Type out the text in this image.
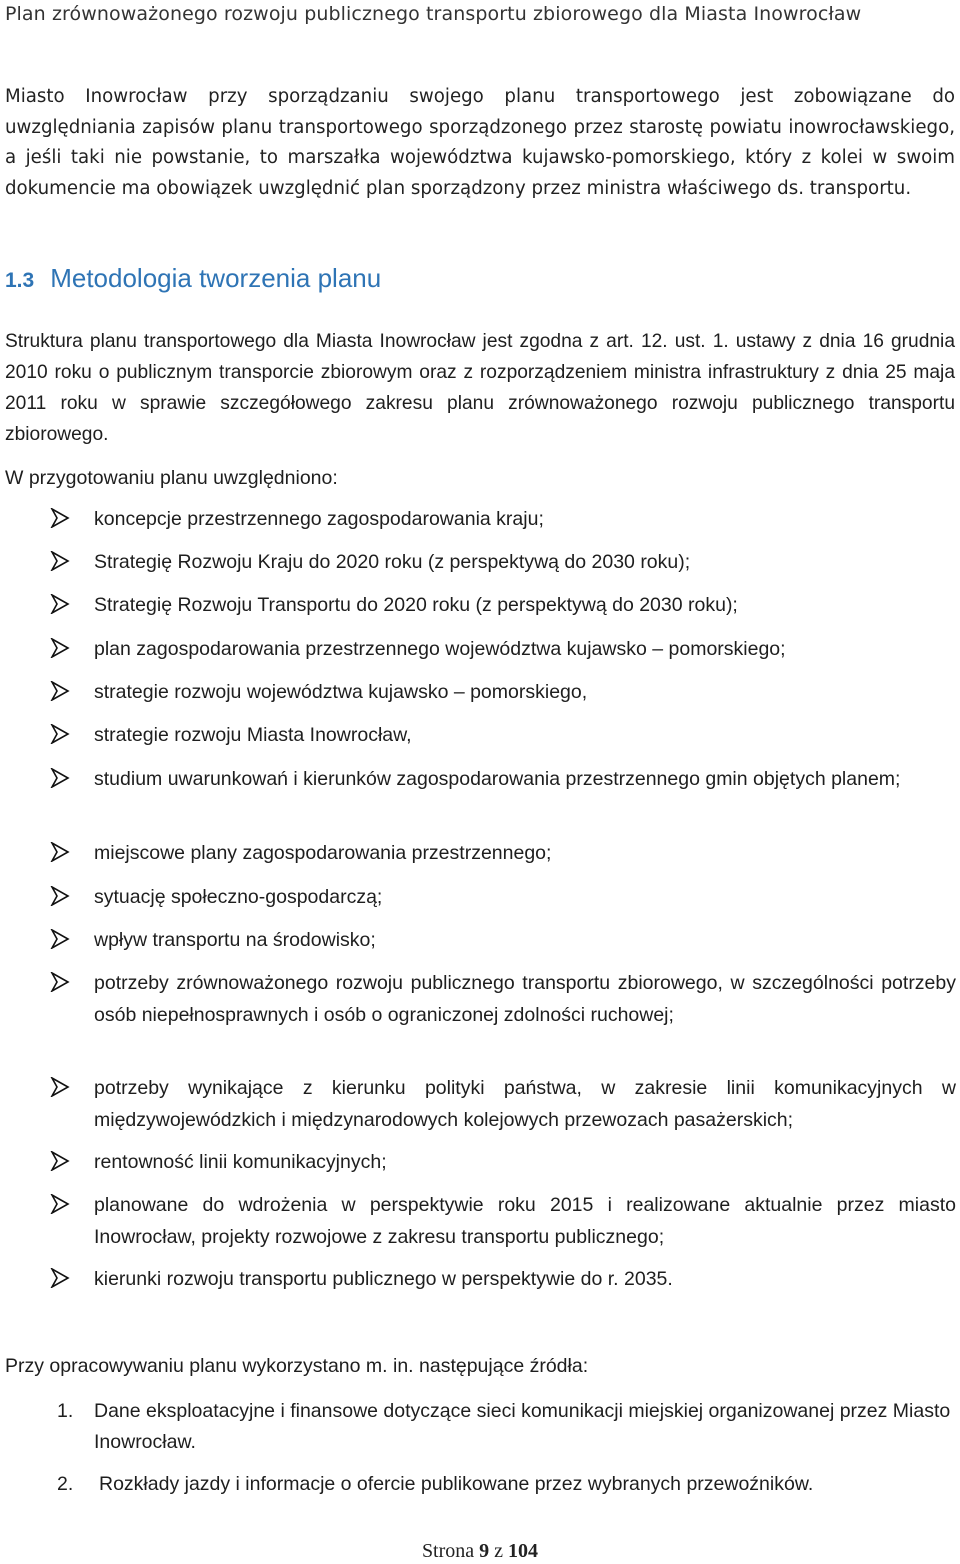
Plan zrównoważonego rozwoju publicznego transportu zbiorowego dla Miasta Inowrocław
Miasto Inowrocław przy sporządzaniu swojego planu transportowego jest zobowiązane do uwzględniania zapisów planu transportowego sporządzonego przez starostę powiatu inowrocławskiego, a jeśli taki nie powstanie, to marszałka województwa kujawsko-pomorskiego, który z kolei w swoim dokumencie ma obowiązek uwzględnić plan sporządzony przez ministra właściwego ds. transportu.
1.3 Metodologia tworzenia planu
Struktura planu transportowego dla Miasta Inowrocław jest zgodna z art. 12. ust. 1. ustawy z dnia 16 grudnia 2010 roku o publicznym transporcie zbiorowym oraz z rozporządzeniem ministra infrastruktury z dnia 25 maja 2011 roku w sprawie szczegółowego zakresu planu zrównoważonego rozwoju publicznego transportu zbiorowego.
W przygotowaniu planu uwzględniono:
koncepcje przestrzennego zagospodarowania kraju;
Strategię Rozwoju Kraju do 2020 roku (z perspektywą do 2030 roku);
Strategię Rozwoju Transportu do 2020 roku (z perspektywą do 2030 roku);
plan zagospodarowania przestrzennego województwa kujawsko – pomorskiego;
strategie rozwoju województwa kujawsko – pomorskiego,
strategie rozwoju Miasta Inowrocław,
studium uwarunkowań i kierunków zagospodarowania przestrzennego gmin objętych planem;
miejscowe plany zagospodarowania przestrzennego;
sytuację społeczno-gospodarczą;
wpływ transportu na środowisko;
potrzeby zrównoważonego rozwoju publicznego transportu zbiorowego, w szczególności potrzeby osób niepełnosprawnych i osób o ograniczonej zdolności ruchowej;
potrzeby wynikające z kierunku polityki państwa, w zakresie linii komunikacyjnych w międzywojewódzkich i międzynarodowych kolejowych przewozach pasażerskich;
rentowność linii komunikacyjnych;
planowane do wdrożenia w perspektywie roku 2015 i realizowane aktualnie przez miasto Inowrocław, projekty rozwojowe z zakresu transportu publicznego;
kierunki rozwoju transportu publicznego w perspektywie do r. 2035.
Przy opracowywaniu planu wykorzystano m. in. następujące źródła:
1. Dane eksploatacyjne i finansowe dotyczące sieci komunikacji miejskiej organizowanej przez Miasto Inowrocław.
2. Rozkłady jazdy i informacje o ofercie publikowane przez wybranych przewoźników.
Strona 9 z 104
